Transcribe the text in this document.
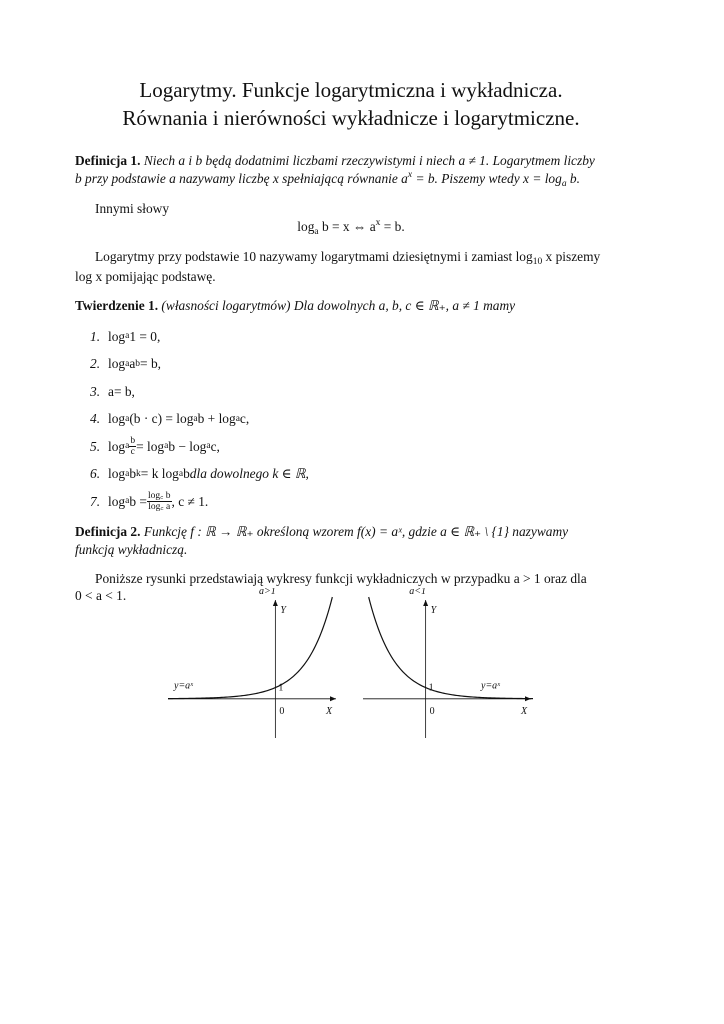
Logarytmy. Funkcje logarytmiczna i wykładnicza.
Równania i nierówności wykładnicze i logarytmiczne.
Definicja 1. Niech a i b będą dodatnimi liczbami rzeczywistymi i niech a ≠ 1. Logarytmem liczby
b przy podstawie a nazywamy liczbę x spełniającą równanie $a^x = b$. Piszemy wtedy $x = \log_a b$.
Innymi słowy
$\log_a b = x$ ⇔ $a^x = b$.
Logarytmy przy podstawie 10 nazywamy logarytmami dziesiętnymi i zamiast $\log_{10} x$ piszemy
log x pomijając podstawę.
Twierdzenie 1. (własności logarytmów) Dla dowolnych a, b, c ∈ ℝ₊, a ≠ 1 mamy
1. log a 1 = 0,
2. log a a b = b,
3. a = b,
4. log a (b · c) = log a b + log a c,
5. log a $\frac{b}{c} = \log a$ b − log a c,
6. log a b k = k log a b dla dowolnego k ∈ ℝ,
7. log a $b = \frac{\log꜀ b}{\log꜀ a}$ , c ≠ 1.
Definicja 2. Funkcję f : ℝ → ℝ₊ określoną wzorem f(x) = aˣ, gdzie a ∈ ℝ₊ \ {1} nazywamy
funkcją wykładniczą.
Poniższe rysunki przedstawiają wykresy funkcji wykładniczych w przypadku a > 1 oraz dla
0 < a < 1.	a>1
Y
X
0
1
y=aˣ
a<1
Y
X
0
1	y=aˣ
